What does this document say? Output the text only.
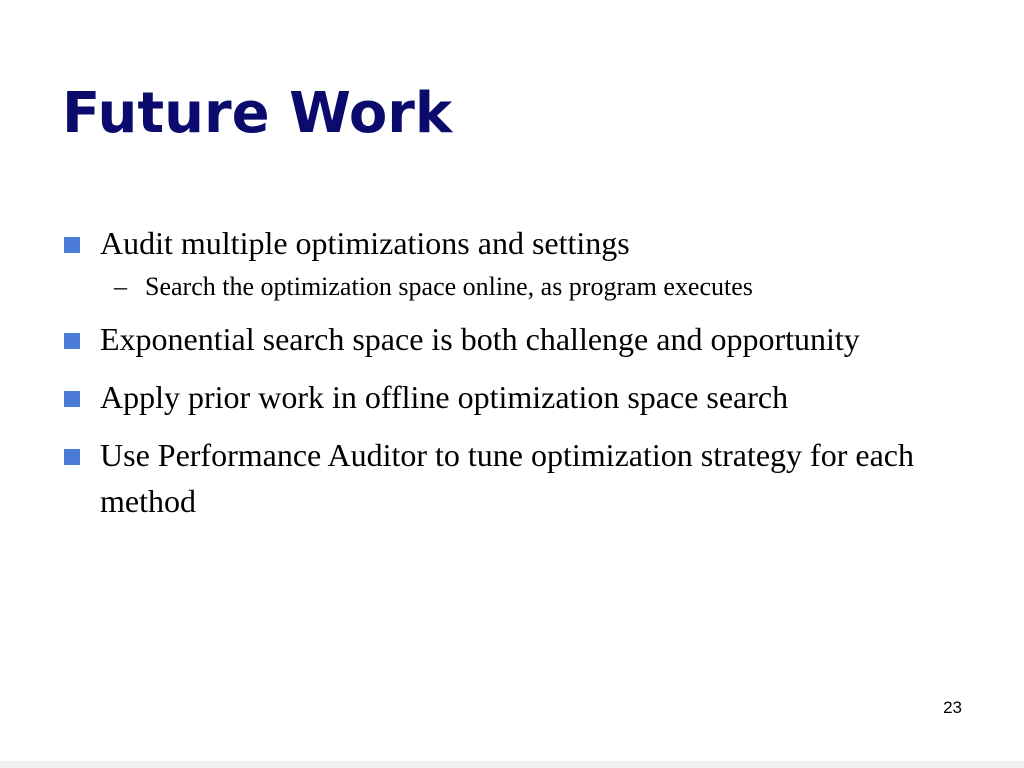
Future Work
Audit multiple optimizations and settings
– Search the optimization space online, as program executes
Exponential search space is both challenge and opportunity
Apply prior work in offline optimization space search
Use Performance Auditor to tune optimization strategy for each method
23
